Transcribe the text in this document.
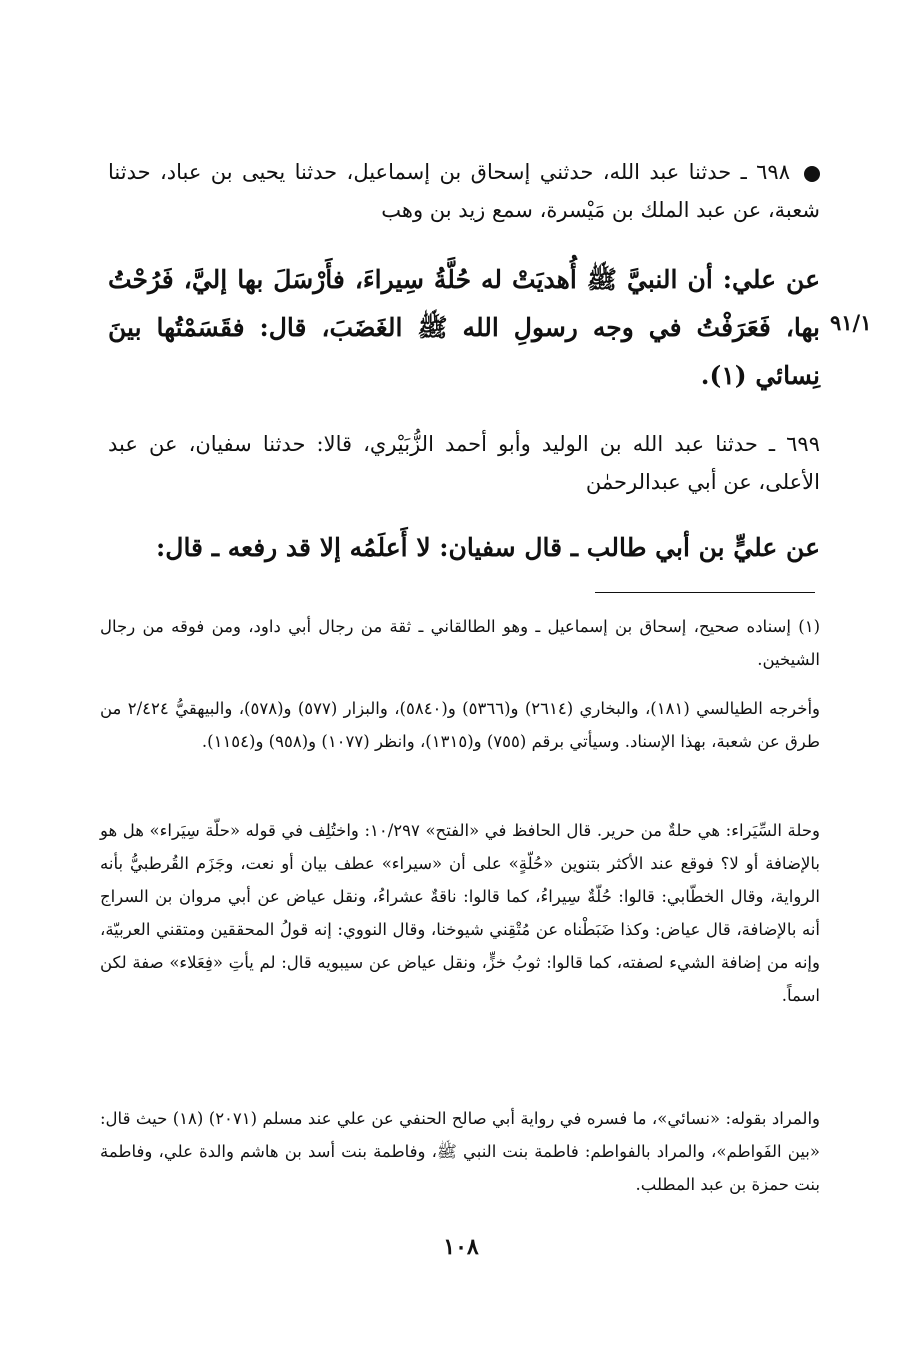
٦٩٨ ـ حدثنا عبد الله، حدثني إسحاق بن إسماعيل، حدثنا يحيى بن عباد، حدثنا شعبة، عن عبد الملك بن مَيْسرة، سمع زيد بن وهب

عن علي: أن النبيَّ ﷺ أُهديَتْ له حُلَّةُ سِيراءَ، فأَرْسَلَ بها إليَّ، فَرُحْتُ بها، فَعَرَفْتُ في وجه رسولِ الله ﷺ الغَضَبَ، قال: فقَسَمْتُها بينَ نِسائي (١).

٩١/١

٦٩٩ ـ حدثنا عبد الله بن الوليد وأبو أحمد الزُّبَيْري، قالا: حدثنا سفيان، عن عبد الأعلى، عن أبي عبدالرحمٰن

عن عليٍّ بن أبي طالب ـ قال سفيان: لا أَعلَمُه إلا قد رفعه ـ قال:

(١) إسناده صحيح، إسحاق بن إسماعيل ـ وهو الطالقاني ـ ثقة من رجال أبي داود، ومن فوقه من رجال الشيخين.

وأخرجه الطيالسي (١٨١)، والبخاري (٢٦١٤) و(٥٣٦٦) و(٥٨٤٠)، والبزار (٥٧٧) و(٥٧٨)، والبيهقيُّ ٢/٤٢٤ من طرق عن شعبة، بهذا الإسناد. وسيأتي برقم (٧٥٥) و(١٣١٥)، وانظر (١٠٧٧) و(٩٥٨) و(١١٥٤).

وحلة السِّيَراء: هي حلةٌ من حرير. قال الحافظ في «الفتح» ١٠/٢٩٧: واختُلِف في قوله «حلّة سِيَراء» هل هو بالإضافة أو لا؟ فوقع عند الأكثر بتنوين «حُلّةٍ» على أن «سيراء» عطف بيان أو نعت، وجَزَم القُرطبيُّ بأنه الرواية، وقال الخطّابي: قالوا: حُلّةٌ سِيراءُ، كما قالوا: ناقةٌ عشراءُ، ونقل عياض عن أبي مروان بن السراج أنه بالإضافة، قال عياض: وكذا ضَبَطْناه عن مُتْقِني شيوخنا، وقال النووي: إنه قولُ المحققين ومتقني العربيّة، وإنه من إضافة الشيء لصفته، كما قالوا: ثوبُ خزٍّ، ونقل عياض عن سيبويه قال: لم يأتِ «فِعَلاء» صفة لكن اسماً.

والمراد بقوله: «نسائي»، ما فسره في رواية أبي صالح الحنفي عن علي عند مسلم (٢٠٧١) (١٨) حيث قال: «بين الفَواطم»، والمراد بالفواطم: فاطمة بنت النبي ﷺ، وفاطمة بنت أسد بن هاشم والدة علي، وفاطمة بنت حمزة بن عبد المطلب.

١٠٨
